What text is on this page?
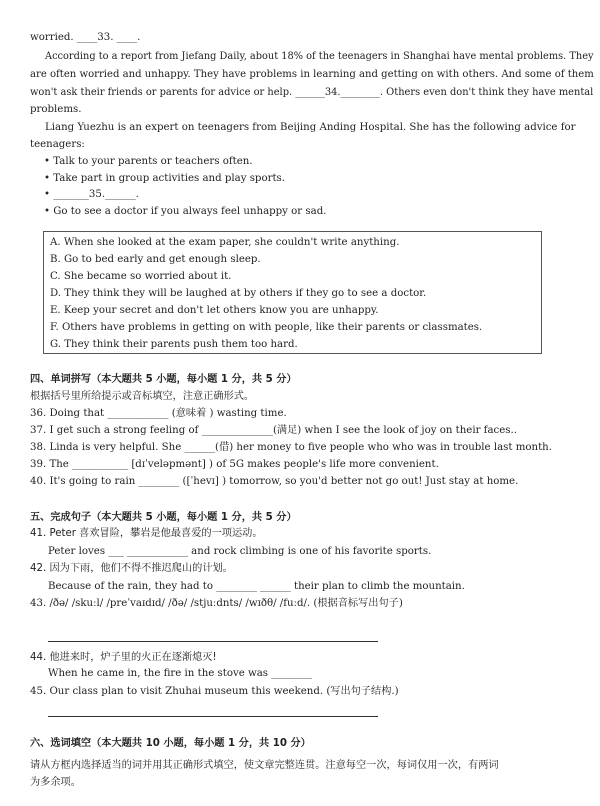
worried. ____33. ____.
According to a report from Jiefang Daily, about 18% of the teenagers in Shanghai have mental problems. They
are often worried and unhappy. They have problems in learning and getting on with others. And some of them
won't ask their friends or parents for advice or help. ______34.________. Others even don't think they have mental
problems.
Liang Yuezhu is an expert on teenagers from Beijing Anding Hospital. She has the following advice for
teenagers:
• Talk to your parents or teachers often.
• Take part in group activities and play sports.
• _______35.______.
• Go to see a doctor if you always feel unhappy or sad.
A. When she looked at the exam paper, she couldn't write anything.
B. Go to bed early and get enough sleep.
C. She became so worried about it.
D. They think they will be laughed at by others if they go to see a doctor.
E. Keep your secret and don't let others know you are unhappy.
F. Others have problems in getting on with people, like their parents or classmates.
G. They think their parents push them too hard.
四、单词拼写（本大题共 5 小题，每小题 1 分，共 5 分）
根据括号里所给提示或音标填空，注意正确形式。
36. Doing that ____________ (意味着 ) wasting time.
37. I get such a strong feeling of ______________(满足) when I see the look of joy on their faces..
38. Linda is very helpful. She ______(借) her money to five people who who was in trouble last month.
39. The ___________ [dɪˈveləpmənt] ) of 5G makes people's life more convenient.
40. It's going to rain ________ ([ˈhevɪ] ) tomorrow, so you'd better not go out! Just stay at home.
五、完成句子（本大题共 5 小题，每小题 1 分，共 5 分）
41. Peter 喜欢冒险，攀岩是他最喜爱的一项运动。
Peter loves ___ ____________ and rock climbing is one of his favorite sports.
42. 因为下雨，他们不得不推迟爬山的计划。
Because of the rain, they had to ________ ______ their plan to climb the mountain.
43. /ðə/ /skuːl/ /preˈvaɪdɪd/ /ðə/ /stjuːdnts/ /wɪðθ/ /fuːd/. (根据音标写出句子)
44. 他进来时，炉子里的火正在逐渐熄灭!
When he came in, the fire in the stove was ________
45. Our class plan to visit Zhuhai museum this weekend. (写出句子结构.)
六、选词填空（本大题共 10 小题，每小题 1 分，共 10 分）
请从方框内选择适当的词并用其正确形式填空，使文章完整连贯。注意每空一次，每词仅用一次，有两词
为多余项。
